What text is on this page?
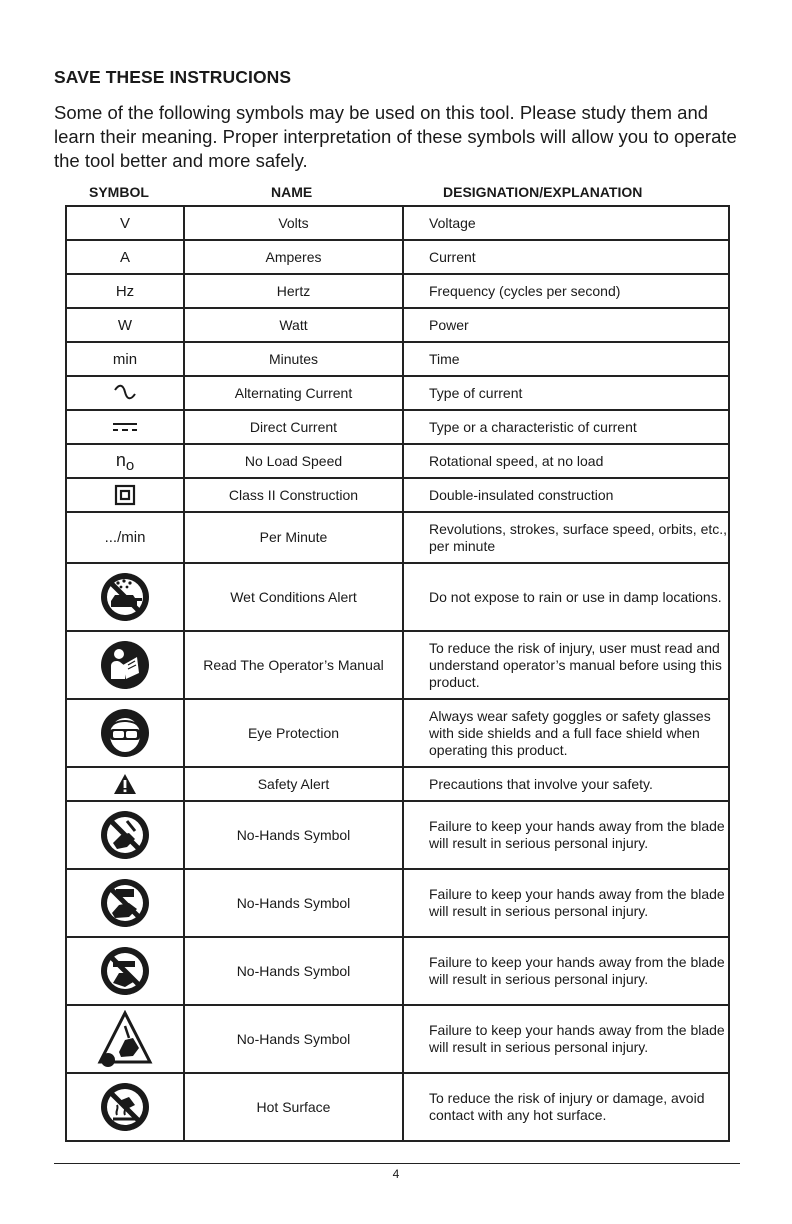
SAVE THESE INSTRUCIONS
Some of the following symbols may be used on this tool. Please study them and learn their meaning. Proper interpretation of these symbols will allow you to operate the tool better and more safely.
SYMBOL	NAME	DESIGNATION/EXPLANATION
V	Volts	Voltage
A	Amperes	Current
Hz	Hertz	Frequency (cycles per second)
W	Watt	Power
min	Minutes	Time

	Alternating Current	Type of current

	Direct Current	Type or a characteristic of current
no	No Load Speed	Rotational speed, at no load

	Class II Construction	Double-insulated construction
.../min	Per Minute	Revolutions, strokes, surface speed, orbits, etc., per minute

	Wet Conditions Alert	Do not expose to rain or use in damp locations.

	Read The Operator’s Manual	To reduce the risk of injury, user must read and understand operator’s manual before using this product.

	Eye Protection	Always wear safety goggles or safety glasses with side shields and a full face shield when operating this product.

	Safety Alert	Precautions that involve your safety.

	No-Hands Symbol	Failure to keep your hands away from the blade will result in serious personal injury.

	No-Hands Symbol	Failure to keep your hands away from the blade will result in serious personal injury.

	No-Hands Symbol	Failure to keep your hands away from the blade will result in serious personal injury.

	No-Hands Symbol	Failure to keep your hands away from the blade will result in serious personal injury.

	Hot Surface	To reduce the risk of injury or damage, avoid contact with any hot surface.
4
